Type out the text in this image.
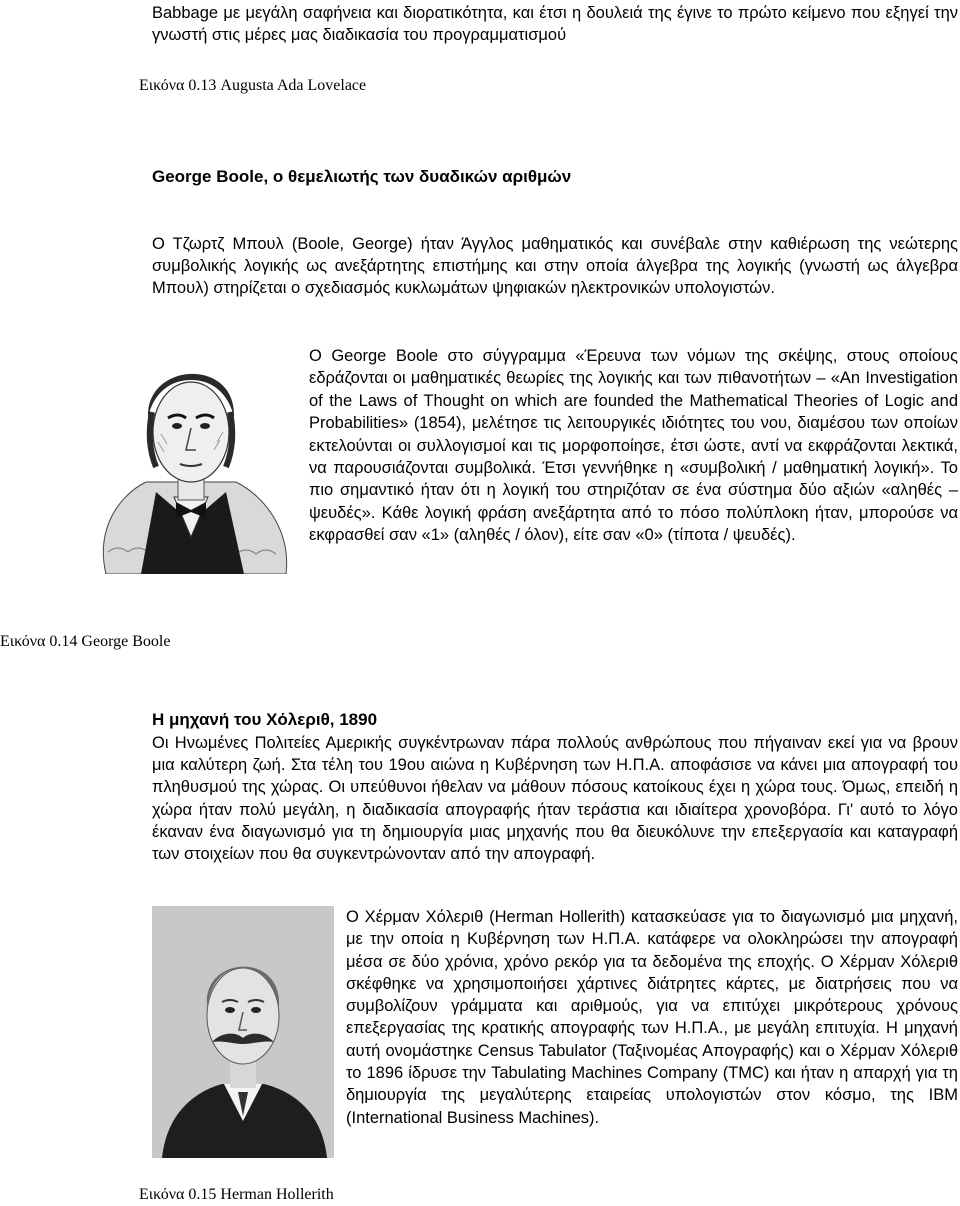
Babbage με μεγάλη σαφήνεια και διορατικότητα, και έτσι η δουλειά της έγινε το πρώτο κείμενο που εξηγεί την γνωστή στις μέρες μας διαδικασία του προγραμματισμού

Εικόνα 0.13 Augusta Ada Lovelace
George Boole, ο θεμελιωτής των δυαδικών αριθμών

Ο Τζωρτζ Μπουλ (Boole, George) ήταν Άγγλος μαθηματικός και συνέβαλε στην καθιέρωση της νεώτερης συμβολικής λογικής ως ανεξάρτητης επιστήμης και στην οποία άλγεβρα της λογικής (γνωστή ως άλγεβρα Μπουλ) στηρίζεται ο σχεδιασμός κυκλωμάτων ψηφιακών ηλεκτρονικών υπολογιστών.

Ο George Boole στο σύγγραμμα «Έρευνα των νόμων της σκέψης, στους οποίους εδράζονται οι μαθηματικές θεωρίες της λογικής και των πιθανοτήτων – «An Investigation of the Laws of Thought on which are founded the Mathematical Theories of Logic and Probabilities» (1854), μελέτησε τις λειτουργικές ιδιότητες του νου, διαμέσου των οποίων εκτελούνται οι συλλογισμοί και τις μορφοποίησε, έτσι ώστε, αντί να εκφράζονται λεκτικά, να παρουσιάζονται συμβολικά. Έτσι γεννήθηκε η «συμβολική / μαθηματική λογική». Το πιο σημαντικό ήταν ότι η λογική του στηριζόταν σε ένα σύστημα δύο αξιών «αληθές – ψευδές». Κάθε λογική φράση ανεξάρτητα από το πόσο πολύπλοκη ήταν, μπορούσε να εκφρασθεί σαν «1» (αληθές / όλον), είτε σαν «0» (τίποτα / ψευδές).

Εικόνα 0.14 George Boole
Η μηχανή του Χόλεριθ, 1890

Οι Ηνωμένες Πολιτείες Αμερικής συγκέντρωναν πάρα πολλούς ανθρώπους που πήγαιναν εκεί για να βρουν μια καλύτερη ζωή. Στα τέλη του 19ου αιώνα η Κυβέρνηση των Η.Π.Α. αποφάσισε να κάνει μια απογραφή του πληθυσμού της χώρας. Οι υπεύθυνοι ήθελαν να μάθουν πόσους κατοίκους έχει η χώρα τους. Όμως, επειδή η χώρα ήταν πολύ μεγάλη, η διαδικασία απογραφής ήταν τεράστια και ιδιαίτερα χρονοβόρα. Γι' αυτό το λόγο έκαναν ένα διαγωνισμό για τη δημιουργία μιας μηχανής που θα διευκόλυνε την επεξεργασία και καταγραφή των στοιχείων που θα συγκεντρώνονταν από την απογραφή.

Ο Χέρμαν Χόλεριθ (Herman Hollerith) κατασκεύασε για το διαγωνισμό μια μηχανή, με την οποία η Κυβέρνηση των Η.Π.Α. κατάφερε να ολοκληρώσει την απογραφή μέσα σε δύο χρόνια, χρόνο ρεκόρ για τα δεδομένα της εποχής. Ο Χέρμαν Χόλεριθ σκέφθηκε να χρησιμοποιήσει χάρτινες διάτρητες κάρτες, με διατρήσεις που να συμβολίζουν γράμματα και αριθμούς, για να επιτύχει μικρότερους χρόνους επεξεργασίας της κρατικής απογραφής των Η.Π.Α., με μεγάλη επιτυχία. Η μηχανή αυτή ονομάστηκε Census Tabulator (Ταξινομέας Απογραφής) και ο Χέρμαν Χόλεριθ το 1896 ίδρυσε την Tabulating Machines Company (TMC) και ήταν η απαρχή για τη δημιουργία της μεγαλύτερης εταιρείας υπολογιστών στον κόσμο, της IBM (International Business Machines).

Εικόνα 0.15 Herman Hollerith
